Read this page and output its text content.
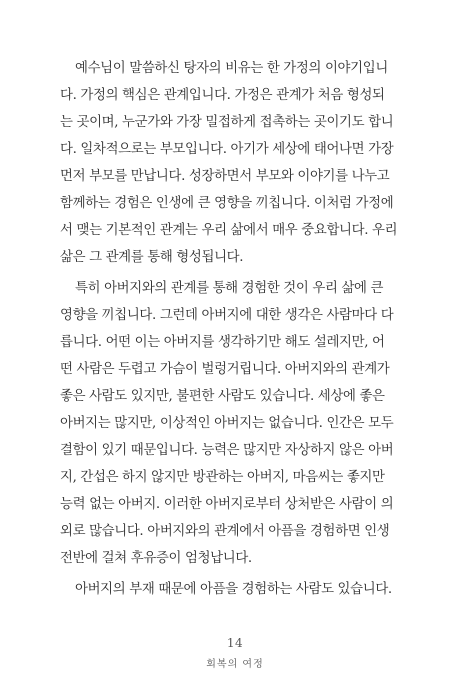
예수님이 말씀하신 탕자의 비유는 한 가정의 이야기입니
다. 가정의 핵심은 관계입니다. 가정은 관계가 처음 형성되
는 곳이며, 누군가와 가장 밀접하게 접촉하는 곳이기도 합니
다. 일차적으로는 부모입니다. 아기가 세상에 태어나면 가장
먼저 부모를 만납니다. 성장하면서 부모와 이야기를 나누고
함께하는 경험은 인생에 큰 영향을 끼칩니다. 이처럼 가정에
서 맺는 기본적인 관계는 우리 삶에서 매우 중요합니다. 우리
삶은 그 관계를 통해 형성됩니다.
특히 아버지와의 관계를 통해 경험한 것이 우리 삶에 큰
영향을 끼칩니다. 그런데 아버지에 대한 생각은 사람마다 다
릅니다. 어떤 이는 아버지를 생각하기만 해도 설레지만, 어
떤 사람은 두렵고 가슴이 벌렁거립니다. 아버지와의 관계가
좋은 사람도 있지만, 불편한 사람도 있습니다. 세상에 좋은
아버지는 많지만, 이상적인 아버지는 없습니다. 인간은 모두
결함이 있기 때문입니다. 능력은 많지만 자상하지 않은 아버
지, 간섭은 하지 않지만 방관하는 아버지, 마음씨는 좋지만
능력 없는 아버지. 이러한 아버지로부터 상처받은 사람이 의
외로 많습니다. 아버지와의 관계에서 아픔을 경험하면 인생
전반에 걸쳐 후유증이 엄청납니다.
아버지의 부재 때문에 아픔을 경험하는 사람도 있습니다.
14
회복의 여정
